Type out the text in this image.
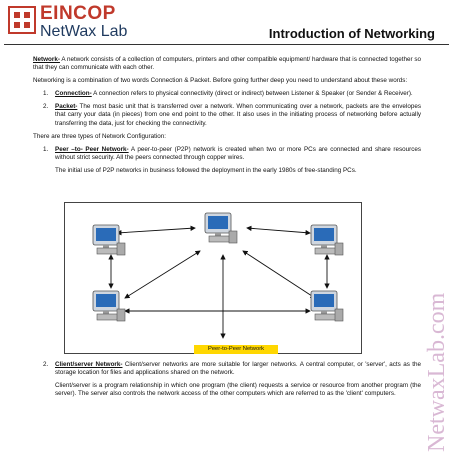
EINCOP
NetWax Lab	Introduction of Networking
NetwaxLab.com

Network- A network consists of a collection of computers, printers and other compatible equipment/ hardware that is connected together so that they can communicate with each other.

Networking is a combination of two words Connection & Packet. Before going further deep you need to understand about these words:

1. Connection- A connection refers to physical connectivity (direct or indirect) between Listener & Speaker (or Sender & Receiver).
2. Packet- The most basic unit that is transferred over a network. When communicating over a network, packets are the envelopes that carry your data (in pieces) from one end point to the other. It also uses in the initiating process of networking before actually transferring the data, just for checking the connectivity.

There are three types of Network Configuration:

1. Peer –to- Peer Network- A peer-to-peer (P2P) network is created when two or more PCs are connected and share resources without strict security. All the peers connected through copper wires.
The initial use of P2P networks in business followed the deployment in the early 1980s of free-standing PCs.
Peer-to-Peer Network
2. Client/server Network- Client/server networks are more suitable for larger networks. A central computer, or 'server', acts as the storage location for files and applications shared on the network.
Client/server is a program relationship in which one program (the client) requests a service or resource from another program (the server). The server also controls the network access of the other computers which are referred to as the 'client' computers.
